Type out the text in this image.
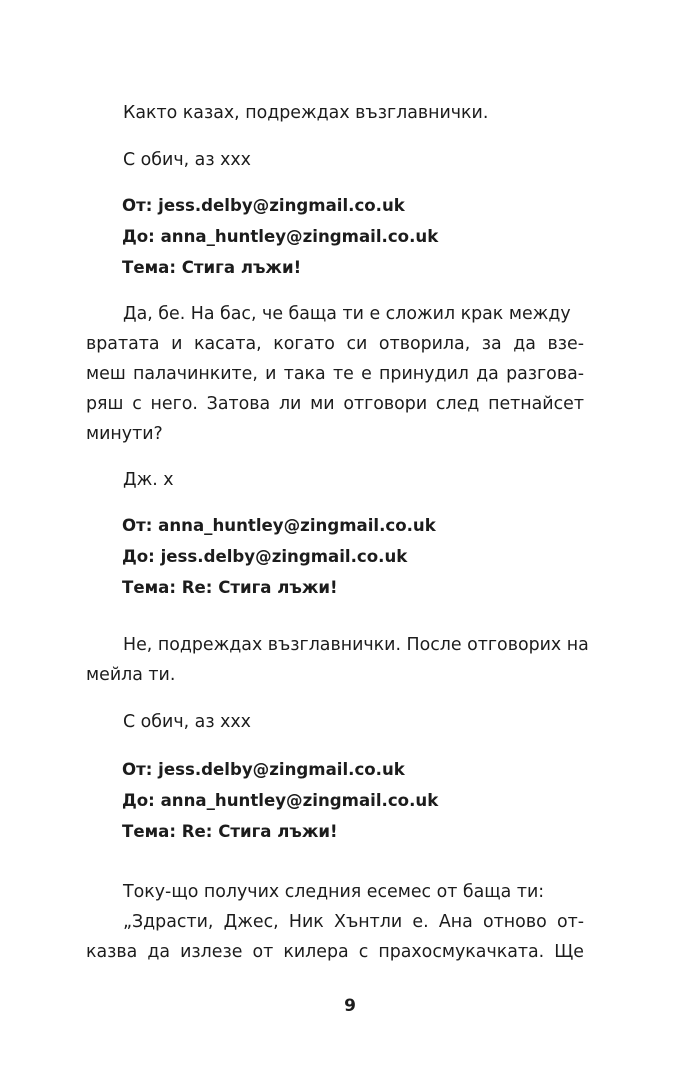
Както казах, подреждах възглавнички.
С обич, аз ххх
От: jess.delby@zingmail.co.uk
До: anna_huntley@zingmail.co.uk
Тема: Стига лъжи!
Да, бе. На бас, че баща ти е сложил крак между
вратата и касата, когато си отворила, за да взе-
меш палачинките, и така те е принудил да разгова-
ряш с него. Затова ли ми отговори след петнайсет
минути?
Дж. х
От: anna_huntley@zingmail.co.uk
До: jess.delby@zingmail.co.uk
Тема: Re: Стига лъжи!
Не, подреждах възглавнички. После отговорих на
мейла ти.
С обич, аз ххх
От: jess.delby@zingmail.co.uk
До: anna_huntley@zingmail.co.uk
Тема: Re: Стига лъжи!
Току-що получих следния есемес от баща ти:
„Здрасти, Джес, Ник Хънтли е. Ана отново от-
казва да излезе от килера с прахосмукачката. Ще
9
